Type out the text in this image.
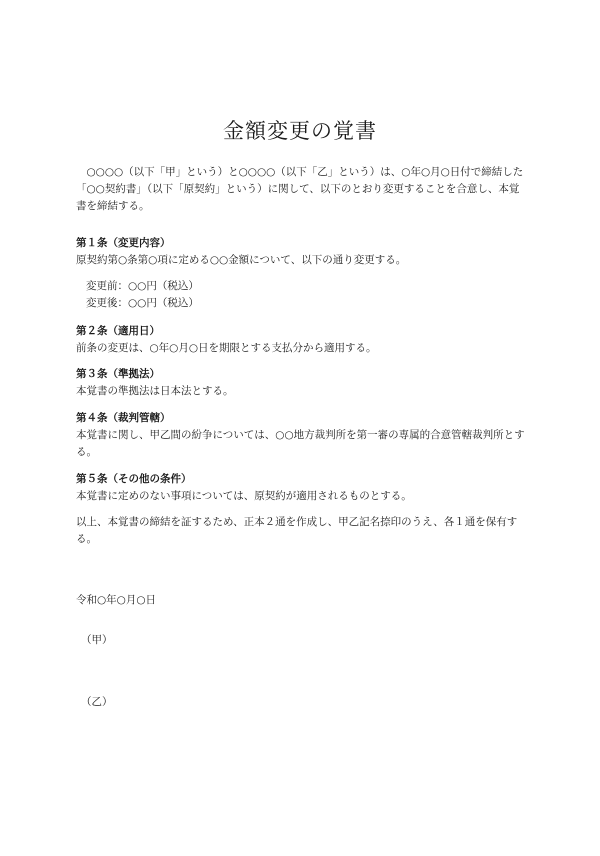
金額変更の覚書

○○○○（以下「甲」という）と○○○○（以下「乙」という）は、○年○月○日付で締結した「○○契約書」（以下「原契約」という）に関して、以下のとおり変更することを合意し、本覚書を締結する。

第１条（変更内容）
原契約第○条第○項に定める○○金額について、以下の通り変更する。
変更前：○○円（税込）
変更後：○○円（税込）
第２条（適用日）
前条の変更は、○年○月○日を期限とする支払分から適用する。
第３条（準拠法）
本覚書の準拠法は日本法とする。
第４条（裁判管轄）
本覚書に関し、甲乙間の紛争については、○○地方裁判所を第一審の専属的合意管轄裁判所とする。
第５条（その他の条件）
本覚書に定めのない事項については、原契約が適用されるものとする。

以上、本覚書の締結を証するため、正本２通を作成し、甲乙記名捺印のうえ、各１通を保有する。

令和○年○月○日
（甲）
（乙）
